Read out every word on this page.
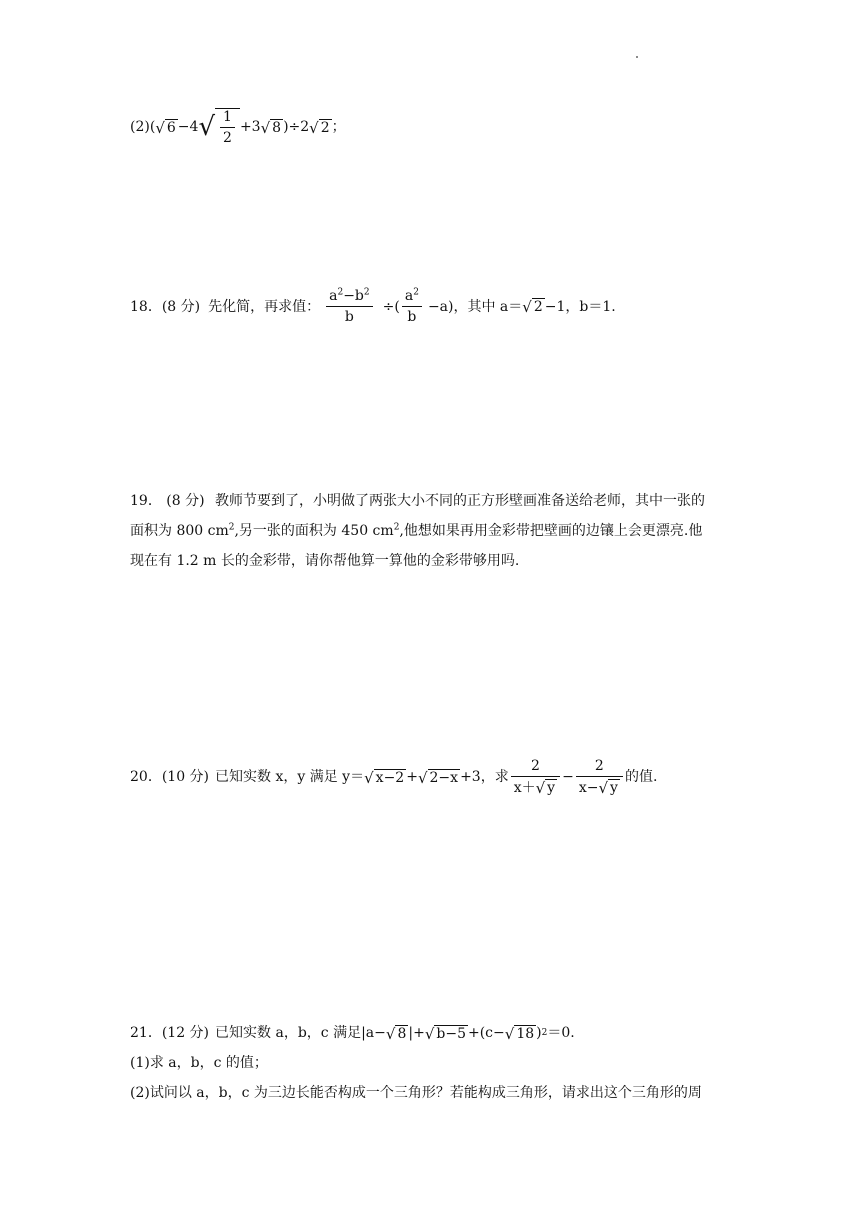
(2) ( √ 6 −4 √ $\frac{1}{2} +3$ √ 8 )÷2 √ 2 ；
18． (8 分) 先化简，再求值： $\frac{a^2-b^2}{b}$ ÷( $\frac{a^2}{b} -a$)，其中 a＝ √ 2 −1，b＝1.
19． (8 分) 教师节要到了，小明做了两张大小不同的正方形壁画准备送给老师，其中一张的
面积为 800 $cm^2$,另一张的面积为 450 $cm^2$,他想如果再用金彩带把壁画的边镶上会更漂亮.他
现在有 1.2 m 长的金彩带，请你帮他算一算他的金彩带够用吗.
20． (10 分) 已知实数 x，y 满足 y＝ √ x−2 + √ 2−x +3，求 $\frac{2}{x+ √ y} - \frac{2}{x- √ y}$ 的值.
21． (12 分) 已知实数 a，b，c 满足|a− √ 8 |+ √ b−5 +(c− √ 18 ) 2 ＝0.
(1)求 a，b，c 的值；
(2)试问以 a，b，c 为三边长能否构成一个三角形？若能构成三角形，请求出这个三角形的周
